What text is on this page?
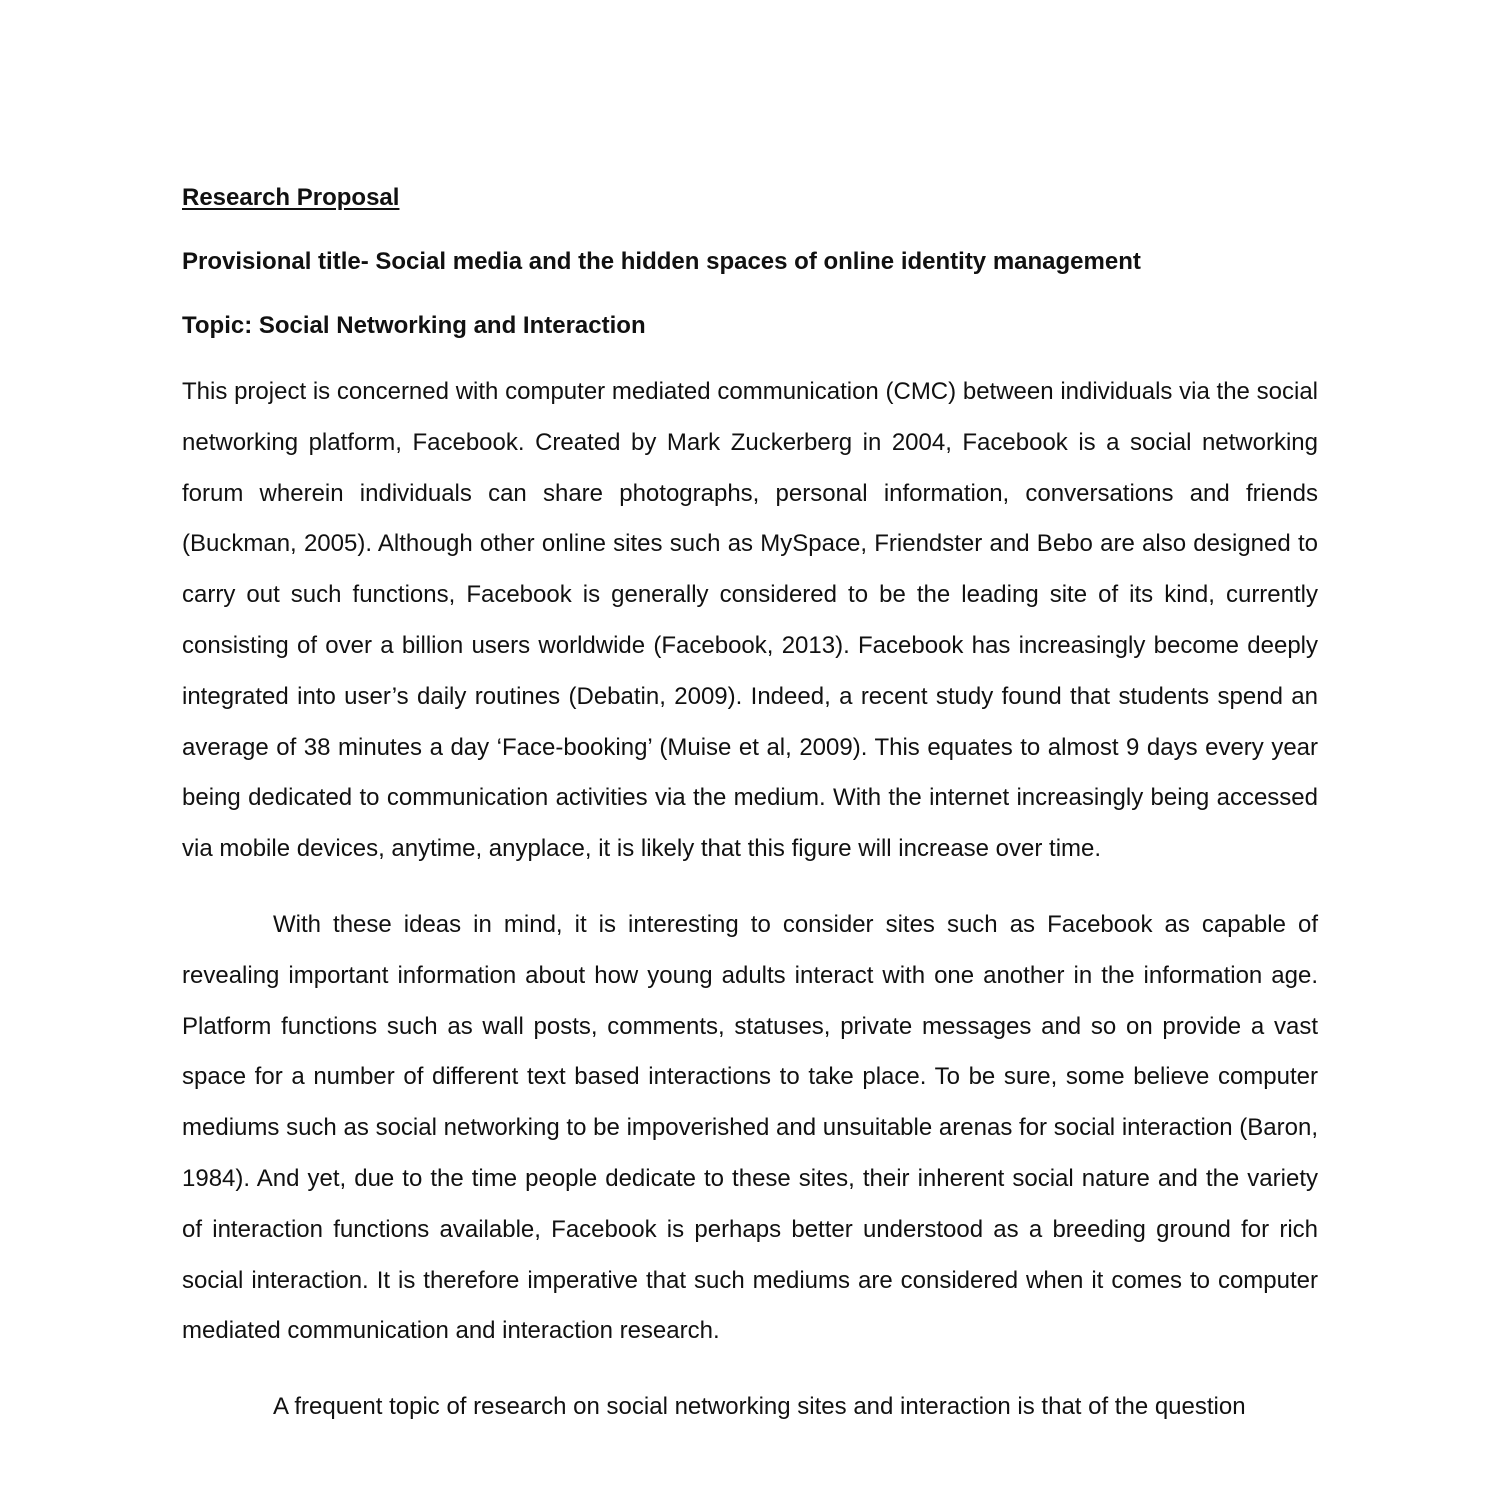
Research Proposal
Provisional title- Social media and the hidden spaces of online identity management
Topic: Social Networking and Interaction

This project is concerned with computer mediated communication (CMC) between individuals via the social networking platform, Facebook. Created by Mark Zuckerberg in 2004, Facebook is a social networking forum wherein individuals can share photographs, personal information, conversations and friends (Buckman, 2005). Although other online sites such as MySpace, Friendster and Bebo are also designed to carry out such functions, Facebook is generally considered to be the leading site of its kind, currently consisting of over a billion users worldwide (Facebook, 2013). Facebook has increasingly become deeply integrated into user’s daily routines (Debatin, 2009). Indeed, a recent study found that students spend an average of 38 minutes a day ‘Face-booking’ (Muise et al, 2009). This equates to almost 9 days every year being dedicated to communication activities via the medium. With the internet increasingly being accessed via mobile devices, anytime, anyplace, it is likely that this figure will increase over time.

With these ideas in mind, it is interesting to consider sites such as Facebook as capable of revealing important information about how young adults interact with one another in the information age. Platform functions such as wall posts, comments, statuses, private messages and so on provide a vast space for a number of different text based interactions to take place. To be sure, some believe computer mediums such as social networking to be impoverished and unsuitable arenas for social interaction (Baron, 1984). And yet, due to the time people dedicate to these sites, their inherent social nature and the variety of interaction functions available, Facebook is perhaps better understood as a breeding ground for rich social interaction. It is therefore imperative that such mediums are considered when it comes to computer mediated communication and interaction research.

A frequent topic of research on social networking sites and interaction is that of the question
